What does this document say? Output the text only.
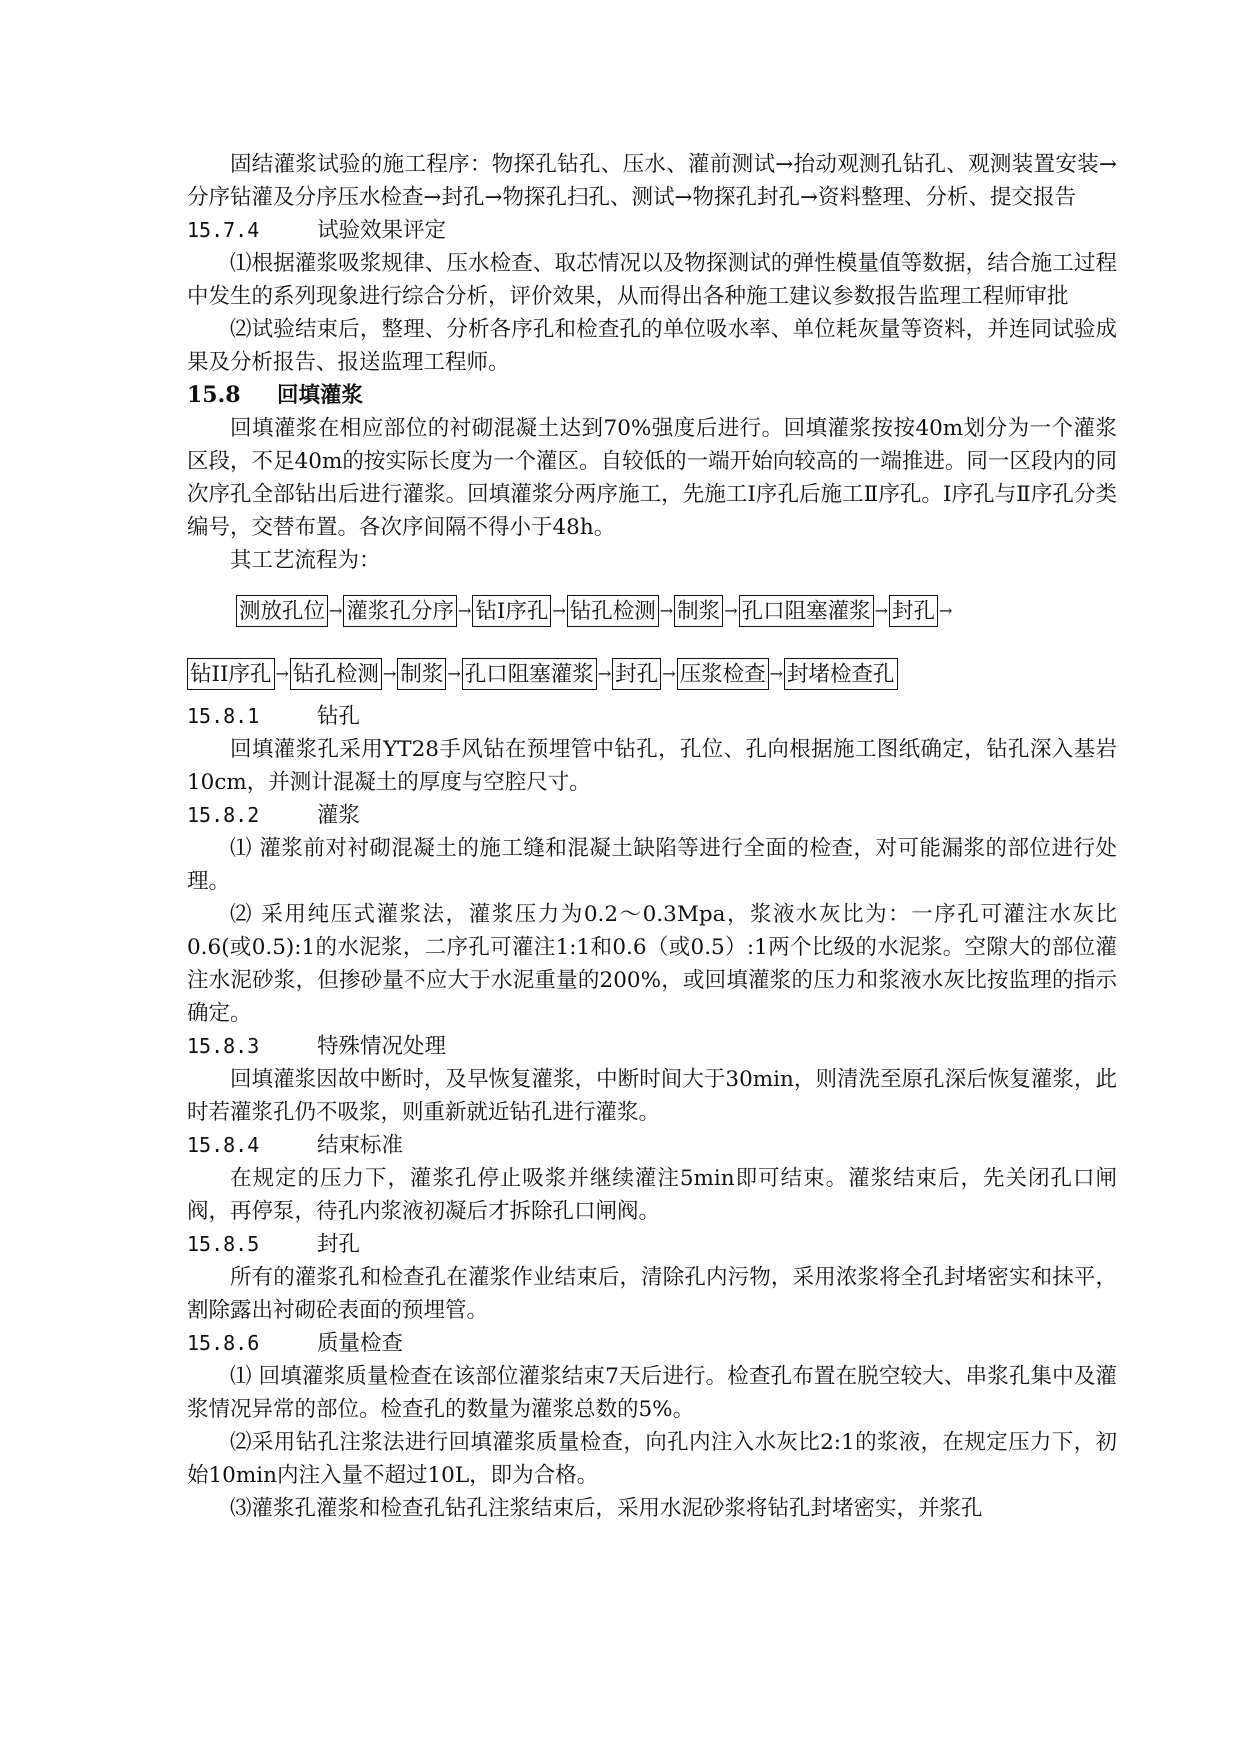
固结灌浆试验的施工程序：物探孔钻孔、压水、灌前测试→抬动观测孔钻孔、观测装置安装→分序钻灌及分序压水检查→封孔→物探孔扫孔、测试→物探孔封孔→资料整理、分析、提交报告

15.7.4	试验效果评定

⑴根据灌浆吸浆规律、压水检查、取芯情况以及物探测试的弹性模量值等数据，结合施工过程中发生的系列现象进行综合分析，评价效果，从而得出各种施工建议参数报告监理工程师审批

⑵试验结束后，整理、分析各序孔和检查孔的单位吸水率、单位耗灰量等资料，并连同试验成果及分析报告、报送监理工程师。

15.8	回填灌浆

回填灌浆在相应部位的衬砌混凝土达到70%强度后进行。回填灌浆按按40m划分为一个灌浆区段，不足40m的按实际长度为一个灌区。自较低的一端开始向较高的一端推进。同一区段内的同次序孔全部钻出后进行灌浆。回填灌浆分两序施工，先施工Ⅰ序孔后施工Ⅱ序孔。Ⅰ序孔与Ⅱ序孔分类编号，交替布置。各次序间隔不得小于48h。

其工艺流程为：

测放孔位 → 灌浆孔分序 → 钻Ⅰ序孔 → 钻孔检测 → 制浆 → 孔口阻塞灌浆 → 封孔 →
钻II序孔 → 钻孔检测 → 制浆 → 孔口阻塞灌浆 → 封孔 → 压浆检查 → 封堵检查孔
15.8.1	钻孔

回填灌浆孔采用YT28手风钻在预埋管中钻孔，孔位、孔向根据施工图纸确定，钻孔深入基岩10cm，并测计混凝土的厚度与空腔尺寸。

15.8.2	灌浆

⑴ 灌浆前对衬砌混凝土的施工缝和混凝土缺陷等进行全面的检查，对可能漏浆的部位进行处理。

⑵ 采用纯压式灌浆法，灌浆压力为0.2～0.3Mpa，浆液水灰比为：一序孔可灌注水灰比0.6(或0.5):1的水泥浆，二序孔可灌注1:1和0.6（或0.5）:1两个比级的水泥浆。空隙大的部位灌注水泥砂浆，但掺砂量不应大于水泥重量的200%，或回填灌浆的压力和浆液水灰比按监理的指示确定。

15.8.3	特殊情况处理

回填灌浆因故中断时，及早恢复灌浆，中断时间大于30min，则清洗至原孔深后恢复灌浆，此时若灌浆孔仍不吸浆，则重新就近钻孔进行灌浆。

15.8.4	结束标准

在规定的压力下，灌浆孔停止吸浆并继续灌注5min即可结束。灌浆结束后，先关闭孔口闸阀，再停泵，待孔内浆液初凝后才拆除孔口闸阀。

15.8.5	封孔

所有的灌浆孔和检查孔在灌浆作业结束后，清除孔内污物，采用浓浆将全孔封堵密实和抹平，割除露出衬砌砼表面的预埋管。

15.8.6	质量检查

⑴ 回填灌浆质量检查在该部位灌浆结束7天后进行。检查孔布置在脱空较大、串浆孔集中及灌浆情况异常的部位。检查孔的数量为灌浆总数的5%。

⑵采用钻孔注浆法进行回填灌浆质量检查，向孔内注入水灰比2:1的浆液，在规定压力下，初始10min内注入量不超过10L，即为合格。

⑶灌浆孔灌浆和检查孔钻孔注浆结束后，采用水泥砂浆将钻孔封堵密实，并浆孔
